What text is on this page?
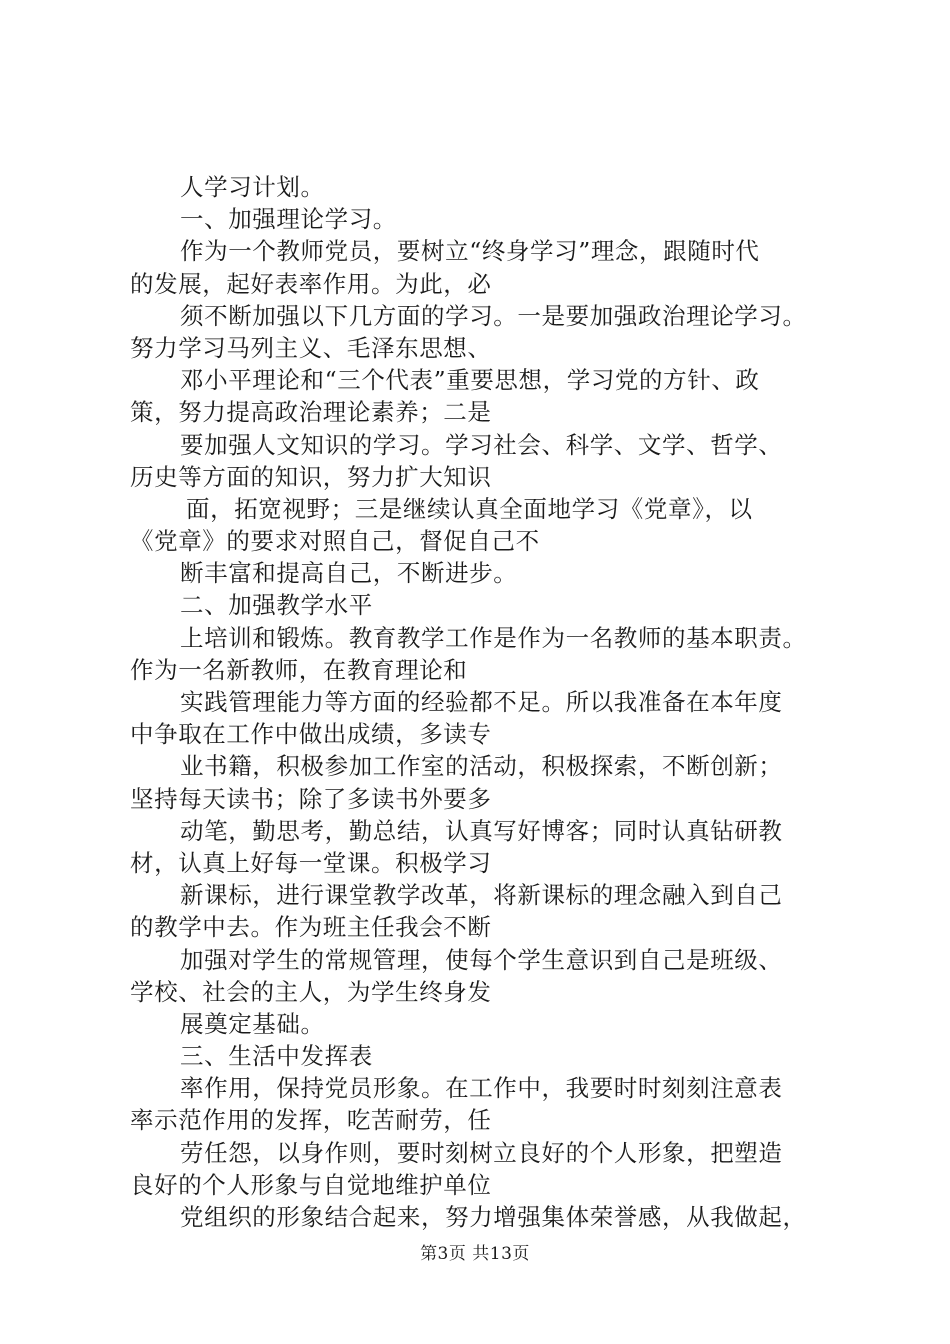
人学习计划。
一、加强理论学习。
作为一个教师党员，要树立“终身学习”理念，跟随时代
的发展，起好表率作用。为此，必
须不断加强以下几方面的学习。一是要加强政治理论学习。
努力学习马列主义、毛泽东思想、
邓小平理论和“三个代表”重要思想，学习党的方针、政
策，努力提高政治理论素养；二是
要加强人文知识的学习。学习社会、科学、文学、哲学、
历史等方面的知识，努力扩大知识
面，拓宽视野；三是继续认真全面地学习《党章》，以
《党章》的要求对照自己，督促自己不
断丰富和提高自己，不断进步。
二、加强教学水平
上培训和锻炼。教育教学工作是作为一名教师的基本职责。
作为一名新教师，在教育理论和
实践管理能力等方面的经验都不足。所以我准备在本年度
中争取在工作中做出成绩，多读专
业书籍，积极参加工作室的活动，积极探索，不断创新；
坚持每天读书；除了多读书外要多
动笔，勤思考，勤总结，认真写好博客；同时认真钻研教
材，认真上好每一堂课。积极学习
新课标，进行课堂教学改革，将新课标的理念融入到自己
的教学中去。作为班主任我会不断
加强对学生的常规管理，使每个学生意识到自己是班级、
学校、社会的主人，为学生终身发
展奠定基础。
三、生活中发挥表
率作用，保持党员形象。在工作中，我要时时刻刻注意表
率示范作用的发挥，吃苦耐劳，任
劳任怨，以身作则，要时刻树立良好的个人形象，把塑造
良好的个人形象与自觉地维护单位
党组织的形象结合起来，努力增强集体荣誉感，从我做起，
第3页 共13页
